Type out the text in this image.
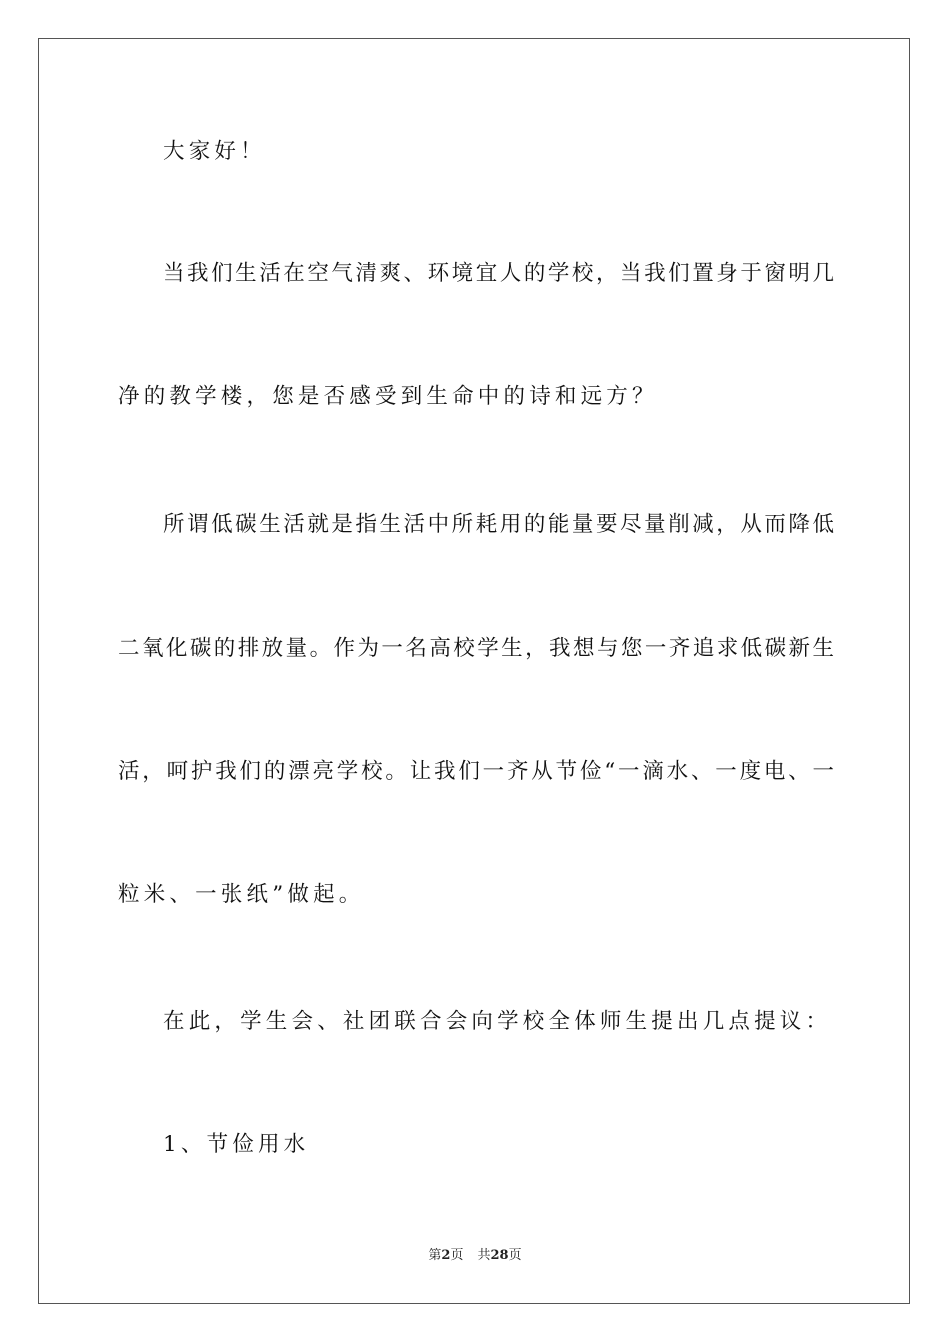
大家好！
当我们生活在空气清爽、环境宜人的学校，当我们置身于窗明几
净的教学楼，您是否感受到生命中的诗和远方？
所谓低碳生活就是指生活中所耗用的能量要尽量削减，从而降低
二氧化碳的排放量。作为一名高校学生，我想与您一齐追求低碳新生
活，呵护我们的漂亮学校。让我们一齐从节俭“一滴水、一度电、一
粒米、一张纸”做起。
在此，学生会、社团联合会向学校全体师生提出几点提议：
1、节俭用水
第2页 共28页
